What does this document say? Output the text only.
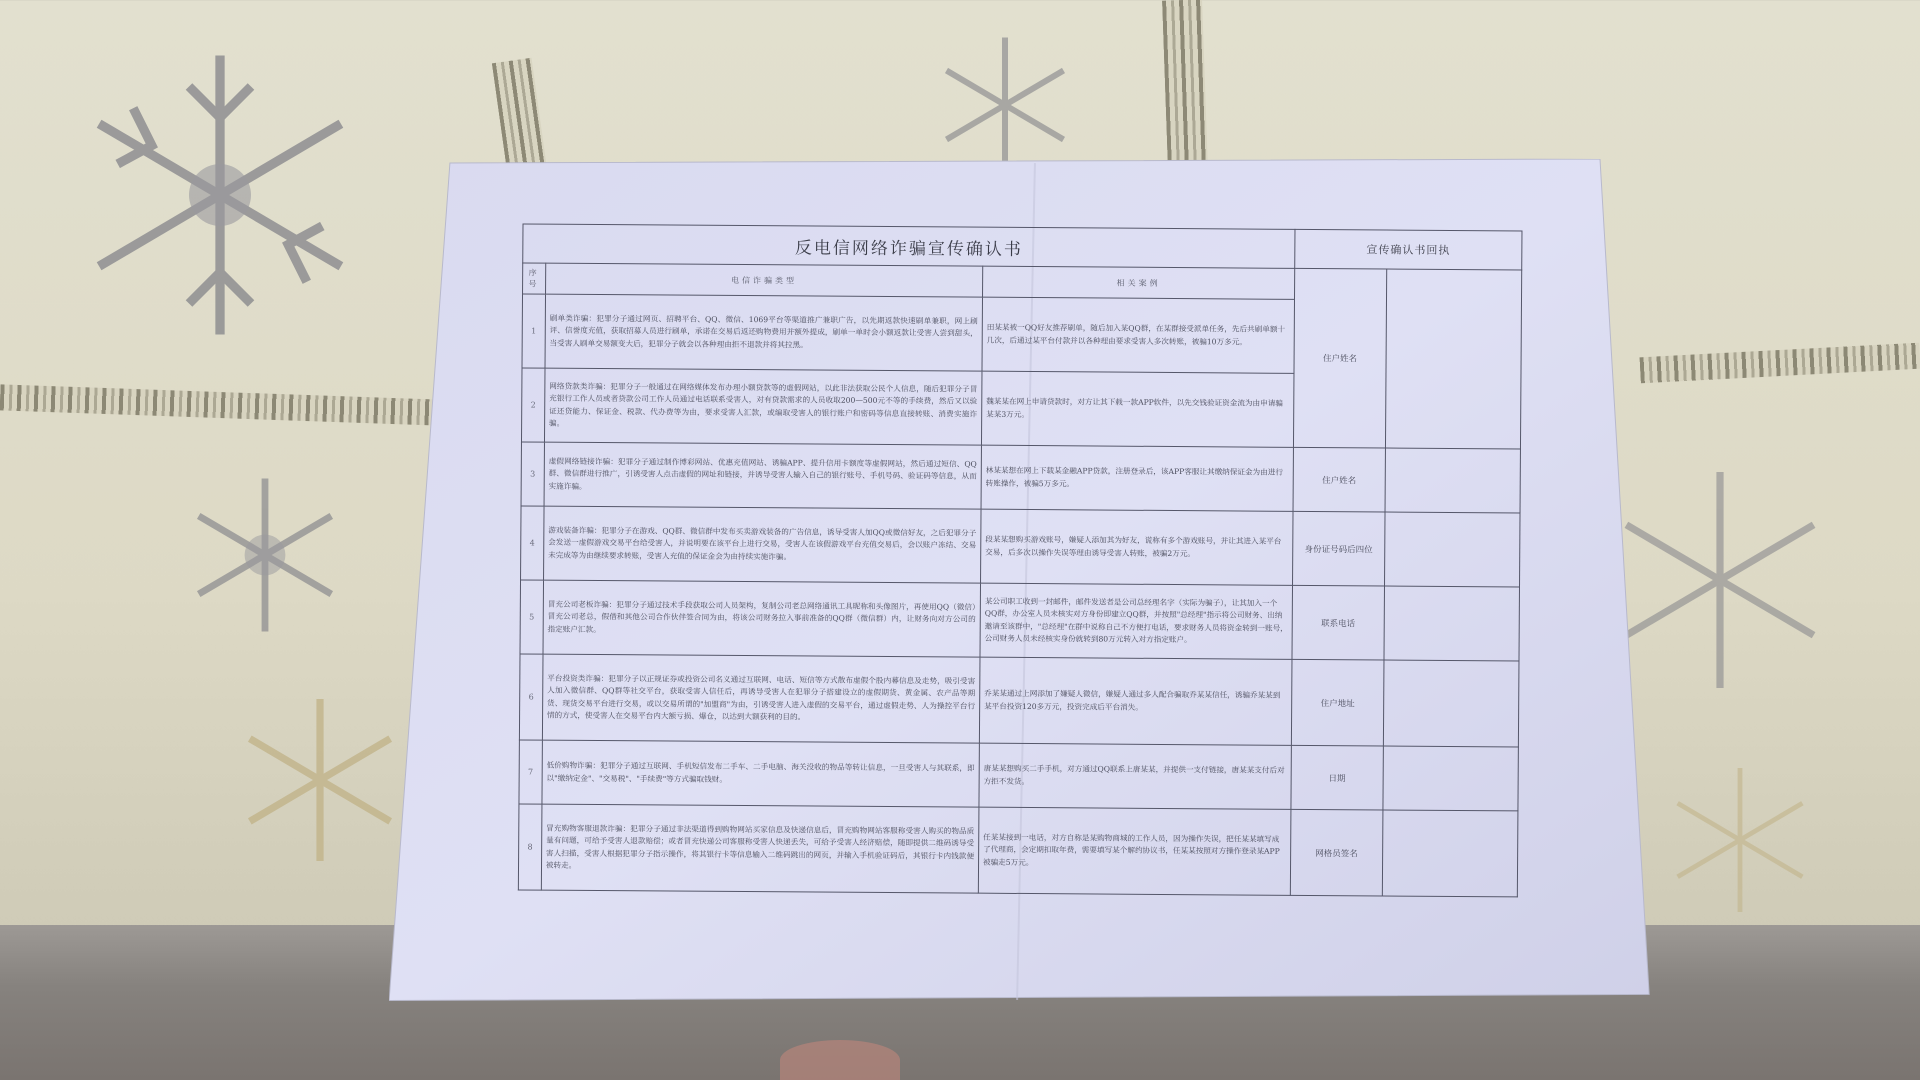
反电信网络诈骗宣传确认书			宣传确认书回执	
序号	电信诈骗类型	相关案例	住户姓名	
1	刷单类诈骗：犯罪分子通过网页、招聘平台、QQ、微信、1069平台等渠道推广兼职广告，以先期返款快速刷单兼职，网上刷评、信誉度充值，获取招募人员进行刷单，承诺在交易后返还购物费用并额外提成，刷单一单时会小额返款让受害人尝到甜头，当受害人刷单交易额变大后，犯罪分子就会以各种理由拒不退款并将其拉黑。	田某某被一QQ好友推荐刷单，随后加入某QQ群，在某群接受派单任务，先后共刷单额十几次，后通过某平台付款并以各种理由要求受害人多次转账，被骗10万多元。		
2	网络贷款类诈骗：犯罪分子一般通过在网络媒体发布办理小额贷款等的虚假网站，以此非法获取公民个人信息，随后犯罪分子冒充银行工作人员或者贷款公司工作人员通过电话联系受害人，对有贷款需求的人员收取200—500元不等的手续费，然后又以验证还贷能力、保证金、税款、代办费等为由，要求受害人汇款，或编取受害人的银行账户和密码等信息直接转账、消费实施诈骗。	魏某某在网上申请贷款时，对方让其下载一款APP软件，以先交钱验证资金流为由申请骗某某3万元。		
3	虚假网络链接诈骗：犯罪分子通过制作博彩网站、优惠充值网站、诱骗APP、提升信用卡额度等虚假网站，然后通过短信、QQ群、微信群进行推广，引诱受害人点击虚假的网址和链接，并诱导受害人输入自己的银行账号、手机号码、验证码等信息，从而实施诈骗。	林某某想在网上下载某金融APP贷款，注册登录后，该APP客服让其缴纳保证金为由进行转账操作，被骗5万多元。	住户姓名	
4	游戏装备诈骗：犯罪分子在游戏、QQ群、微信群中发布买卖游戏装备的广告信息，诱导受害人加QQ或微信好友，之后犯罪分子会发送一虚假游戏交易平台给受害人，并说明要在该平台上进行交易，受害人在该假游戏平台充值交易后，会以账户冻结、交易未完成等为由继续要求转账，受害人充值的保证金会为由持续实施诈骗。	段某某想购买游戏账号，嫌疑人添加其为好友，谎称有多个游戏账号，并让其进入某平台交易，后多次以操作失误等理由诱导受害人转账，被骗2万元。	身份证号码后四位	
5	冒充公司老板诈骗：犯罪分子通过技术手段获取公司人员架构，复制公司老总网络通讯工具昵称和头像图片，再使用QQ（微信）冒充公司老总，假借和其他公司合作伙伴签合同为由，将该公司财务拉入事前准备的QQ群（微信群）内，让财务向对方公司的指定账户汇款。	某公司职工收到一封邮件，邮件发送者是公司总经理名字（实际为骗子），让其加入一个QQ群，办公室人员未核实对方身份即建立QQ群，并按照"总经理"指示将公司财务、出纳邀请至该群中，"总经理"在群中说称自己不方便打电话，要求财务人员将资金转到一账号，公司财务人员未经核实身份就转到80万元转入对方指定账户。	联系电话	
6	平台投资类诈骗：犯罪分子以正规证券或投资公司名义通过互联网、电话、短信等方式散布虚假个股内幕信息及走势，吸引受害人加入微信群、QQ群等社交平台，获取受害人信任后，再诱导受害人在犯罪分子搭建设立的虚假期货、黄金属、农产品等期货、现货交易平台进行交易，或以交易所谓的"加盟商"为由，引诱受害人进入虚假的交易平台，通过虚假走势、人为操控平台行情的方式，使受害人在交易平台内大额亏损、爆仓，以达到大额获利的目的。	乔某某通过上网添加了嫌疑人微信，嫌疑人通过多人配合骗取乔某某信任，诱骗乔某某到某平台投资120多万元，投资完成后平台消失。	住户地址	
7	低价购物诈骗：犯罪分子通过互联网、手机短信发布二手车、二手电脑、海关没收的物品等转让信息，一旦受害人与其联系，即以"缴纳定金"、"交易税"、"手续费"等方式骗取钱财。	唐某某想购买二手手机，对方通过QQ联系上唐某某，并提供一支付链接，唐某某支付后对方拒不发货。	日期	
8	冒充购物客服退款诈骗：犯罪分子通过非法渠道得到购物网站买家信息及快递信息后，冒充购物网站客服称受害人购买的物品质量有问题，可给予受害人退款赔偿；或者冒充快递公司客服称受害人快递丢失，可给予受害人经济赔偿，随即提供二维码诱导受害人扫描，受害人根据犯罪分子指示操作，将其银行卡等信息输入二维码跳出的网页，并输入手机验证码后，其银行卡内钱款便被转走。	任某某接到一电话，对方自称是某购物商城的工作人员，因为操作失误，把任某某填写成了代理商，会定期扣取年费，需要填写某个解约协议书，任某某按照对方操作登录某APP被骗走5万元。	网格员签名	
